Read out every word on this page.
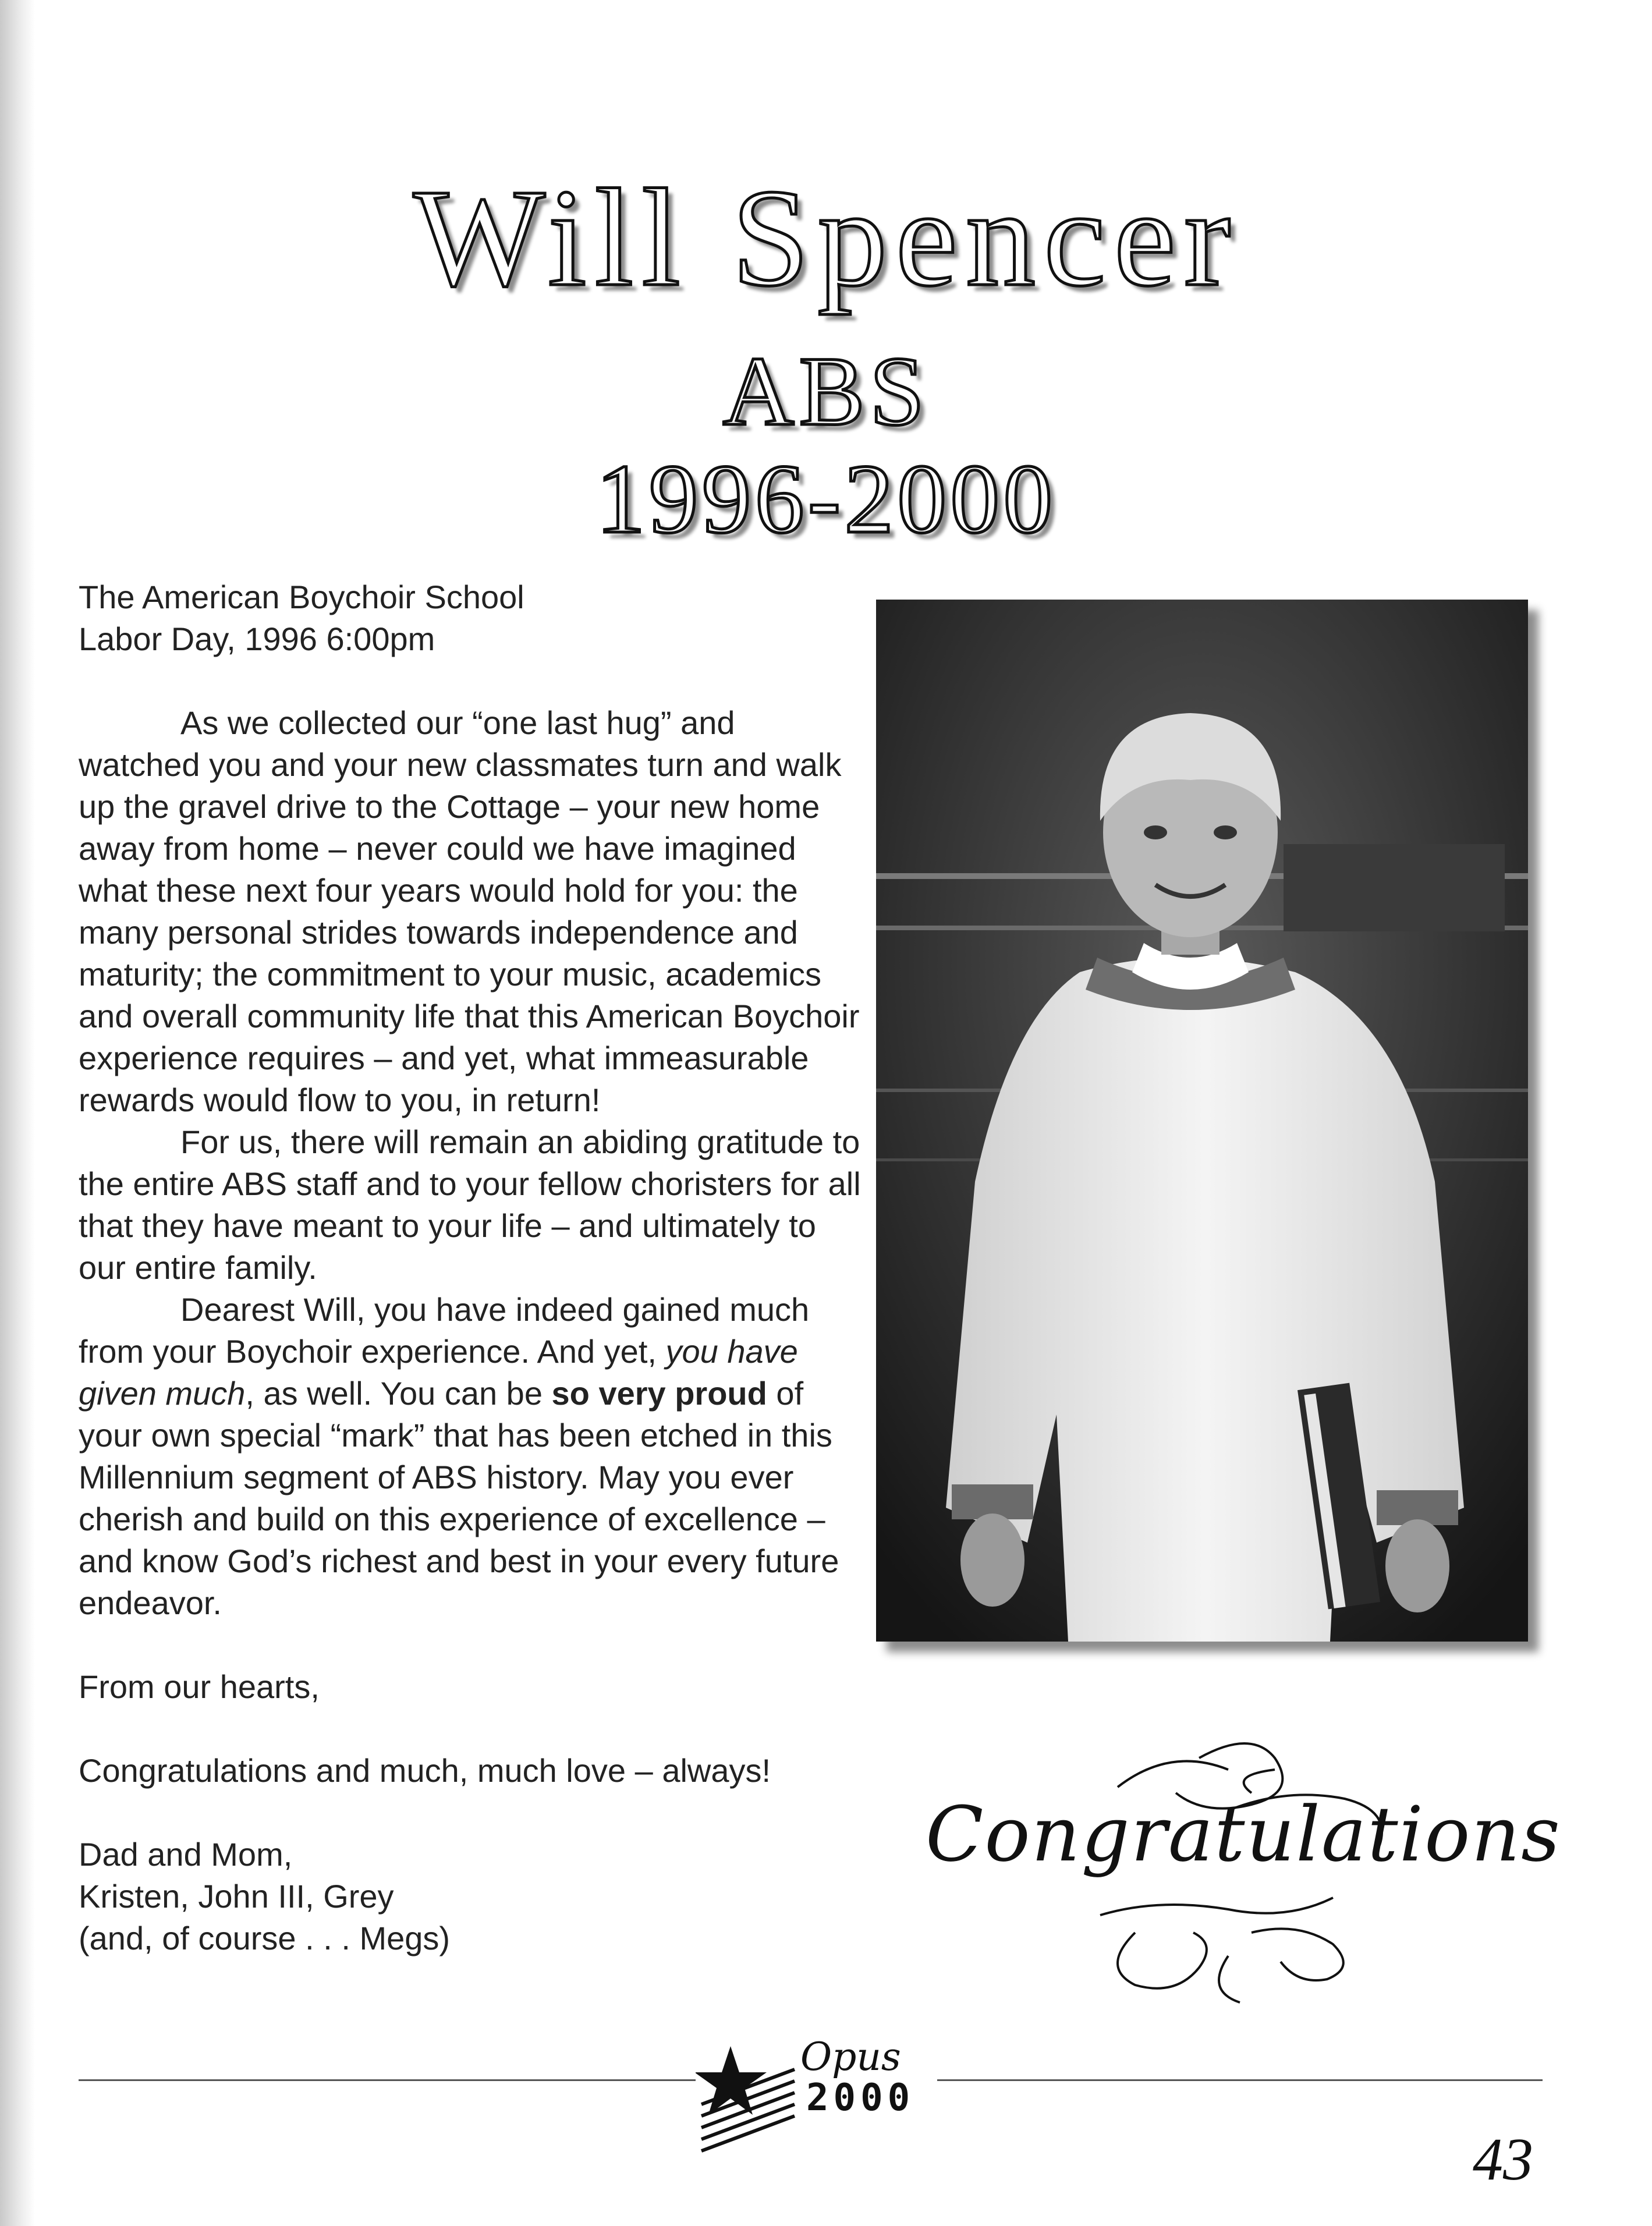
Will Spencer
ABS
1996-2000

The American Boychoir School

Labor Day, 1996 6:00pm

As we collected our “one last hug” and watched you and your new classmates turn and walk up the gravel drive to the Cottage – your new home away from home – never could we have imagined what these next four years would hold for you: the many personal strides towards independence and maturity; the commitment to your music, academics and overall community life that this American Boychoir experience requires – and yet, what immeasurable rewards would flow to you, in return!

For us, there will remain an abiding gratitude to the entire ABS staff and to your fellow choristers for all that they have meant to your life – and ultimately to our entire family.

Dearest Will, you have indeed gained much from your Boychoir experience. And yet, you have given much, as well. You can be so very proud of your own special “mark” that has been etched in this Millennium segment of ABS history. May you ever cherish and build on this experience of excellence – and know God’s richest and best in your every future endeavor.

From our hearts,

Congratulations and much, much love – always!

Dad and Mom,

Kristen, John III, Grey

(and, of course . . . Megs)

Congratulations
Opus
2000
43
